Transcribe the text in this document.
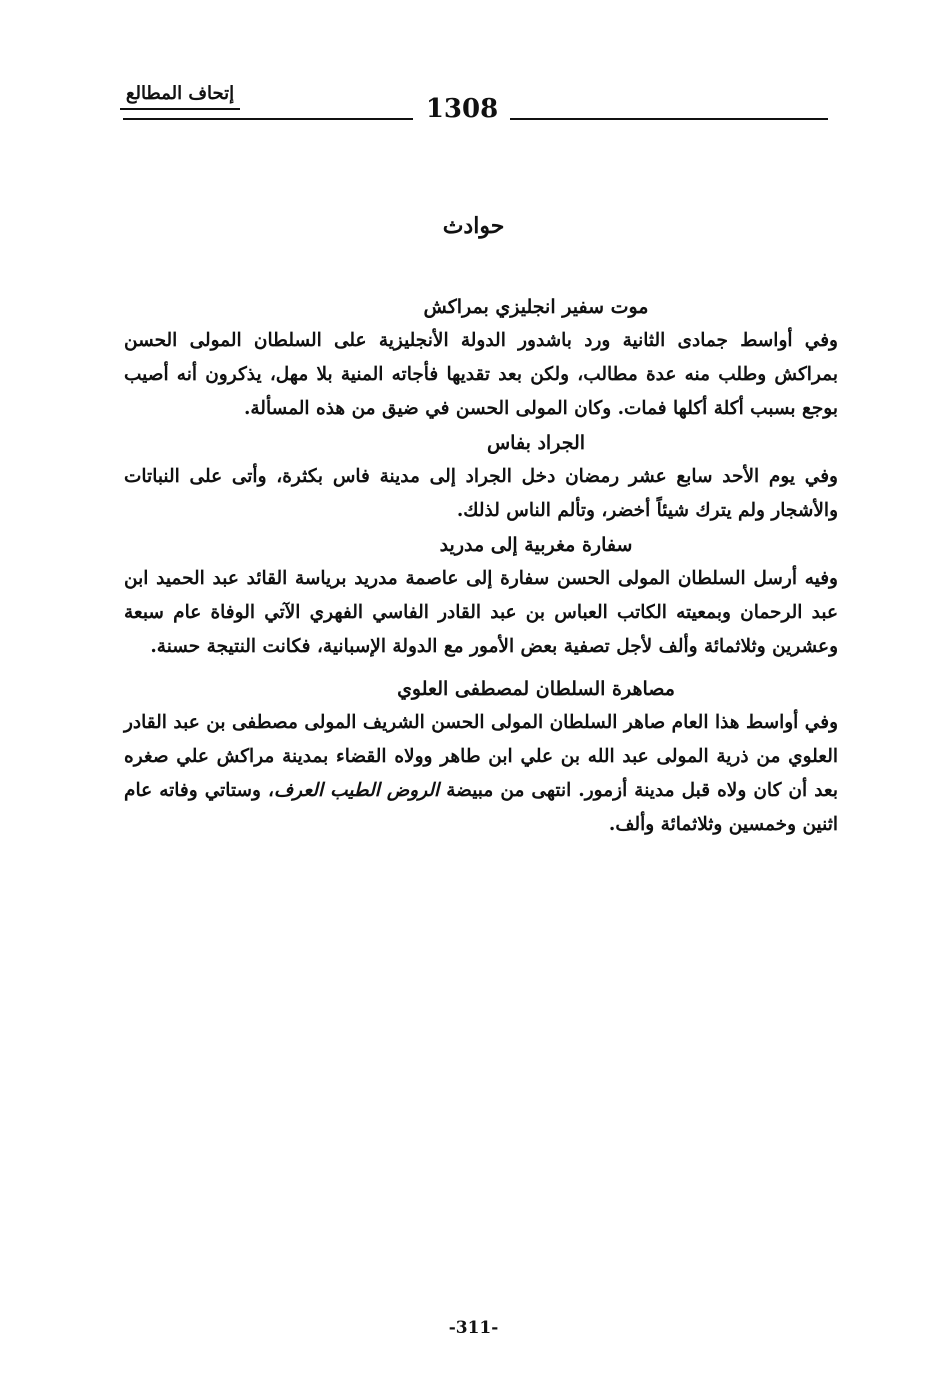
إتحاف المطالع
1308
حوادث
موت سفير انجليزي بمراكش

وفي أواسط جمادى الثانية ورد باشدور الدولة الأنجليزية على السلطان المولى الحسن بمراكش وطلب منه عدة مطالب، ولكن بعد تقديها فأجاته المنية بلا مهل، يذكرون أنه أصيب بوجع بسبب أكلة أكلها فمات. وكان المولى الحسن في ضيق من هذه المسألة.

الجراد بفاس

وفي يوم الأحد سابع عشر رمضان دخل الجراد إلى مدينة فاس بكثرة، وأتى على النباتات والأشجار ولم يترك شيئاً أخضر، وتألم الناس لذلك.

سفارة مغربية إلى مدريد

وفيه أرسل السلطان المولى الحسن سفارة إلى عاصمة مدريد برياسة القائد عبد الحميد ابن عبد الرحمان وبمعيته الكاتب العباس بن عبد القادر الفاسي الفهري الآتي الوفاة عام سبعة وعشرين وثلاثمائة وألف لأجل تصفية بعض الأمور مع الدولة الإسبانية، فكانت النتيجة حسنة.

مصاهرة السلطان لمصطفى العلوي

وفي أواسط هذا العام صاهر السلطان المولى الحسن الشريف المولى مصطفى بن عبد القادر العلوي من ذرية المولى عبد الله بن علي ابن طاهر وولاه القضاء بمدينة مراكش علي صغره بعد أن كان ولاه قبل مدينة أزمور. انتهى من مبيضة الروض الطيب العرف، وستاتي وفاته عام اثنين وخمسين وثلاثمائة وألف.

-311-
